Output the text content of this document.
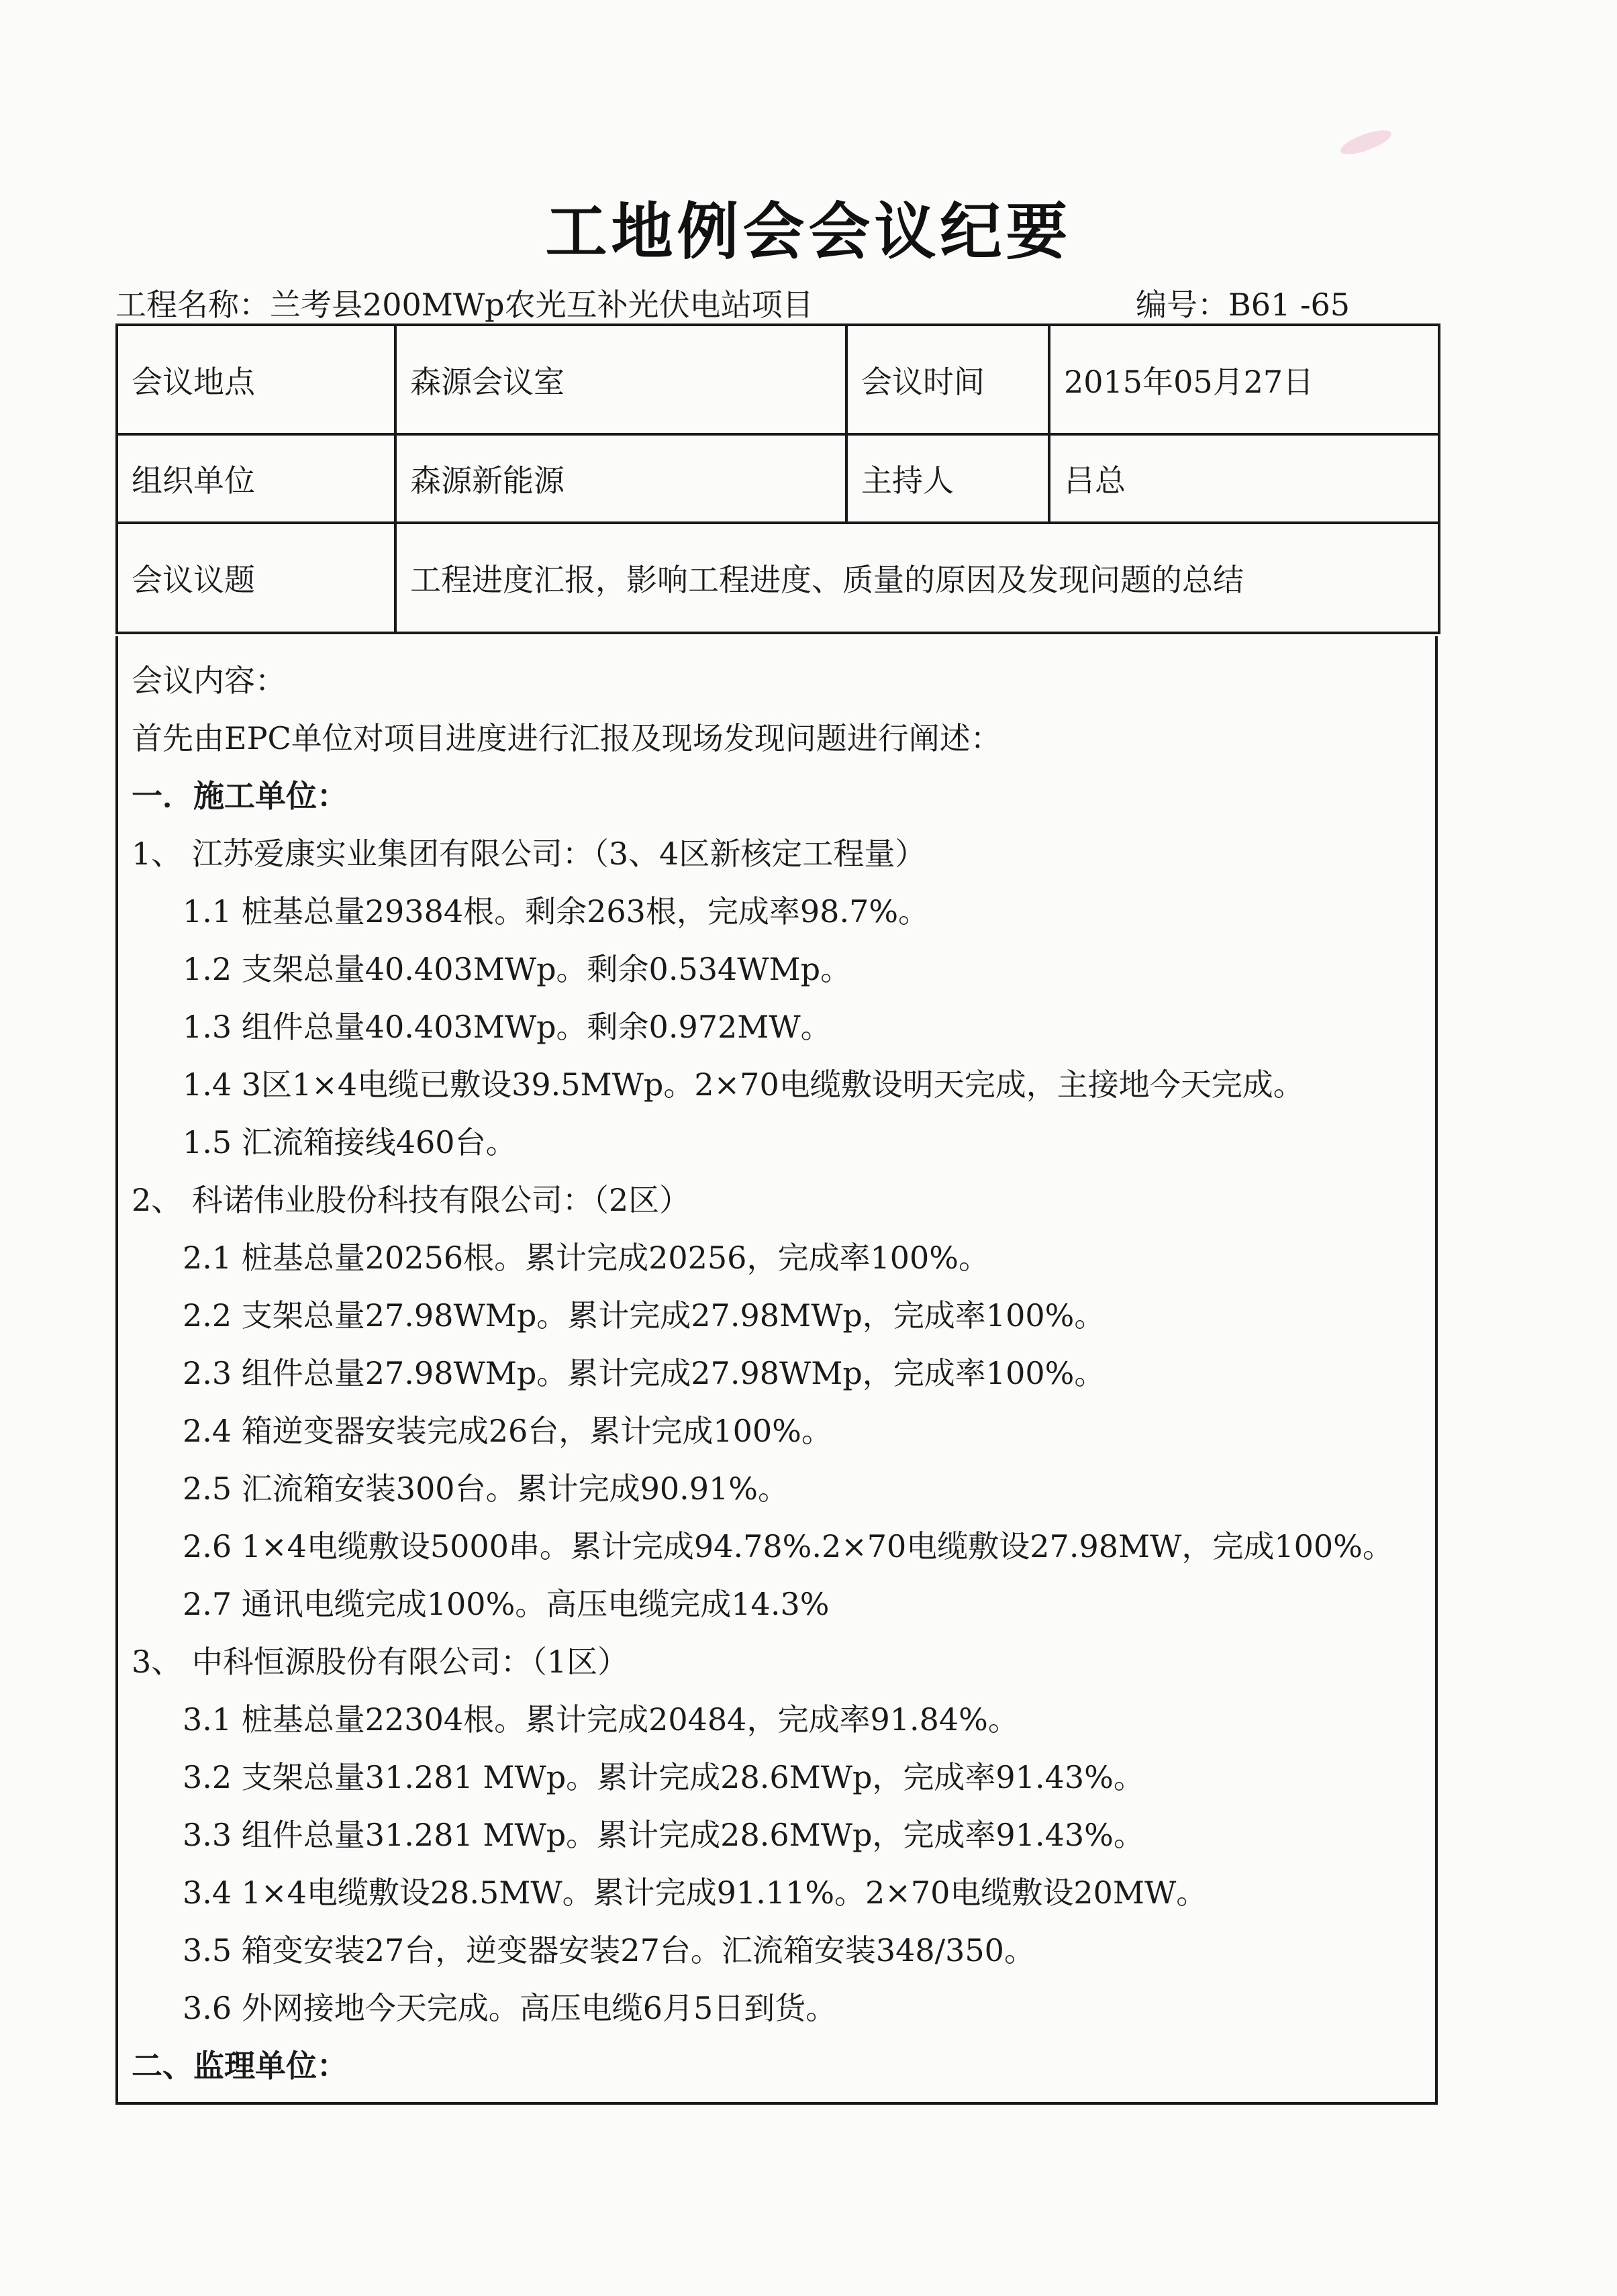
工地例会会议纪要
工程名称：兰考县200MWp农光互补光伏电站项目	编号：B61 -65
会议地点	森源会议室	会议时间	2015年05月27日
组织单位	森源新能源	主持人	吕总
会议议题	工程进度汇报，影响工程进度、质量的原因及发现问题的总结		
会议内容：
首先由EPC单位对项目进度进行汇报及现场发现问题进行阐述：
一．施工单位：
1、 江苏爱康实业集团有限公司：（3、4区新核定工程量）
1.1 桩基总量29384根。剩余263根，完成率98.7%。
1.2 支架总量40.403MWp。剩余0.534WMp。
1.3 组件总量40.403MWp。剩余0.972MW。
1.4 3区1×4电缆已敷设39.5MWp。2×70电缆敷设明天完成，主接地今天完成。
1.5 汇流箱接线460台。
2、 科诺伟业股份科技有限公司：（2区）
2.1 桩基总量20256根。累计完成20256，完成率100%。
2.2 支架总量27.98WMp。累计完成27.98MWp，完成率100%。
2.3 组件总量27.98WMp。累计完成27.98WMp，完成率100%。
2.4 箱逆变器安装完成26台，累计完成100%。
2.5 汇流箱安装300台。累计完成90.91%。
2.6 1×4电缆敷设5000串。累计完成94.78%.2×70电缆敷设27.98MW，完成100%。
2.7 通讯电缆完成100%。高压电缆完成14.3%
3、 中科恒源股份有限公司：（1区）
3.1 桩基总量22304根。累计完成20484，完成率91.84%。
3.2 支架总量31.281 MWp。累计完成28.6MWp，完成率91.43%。
3.3 组件总量31.281 MWp。累计完成28.6MWp，完成率91.43%。
3.4 1×4电缆敷设28.5MW。累计完成91.11%。2×70电缆敷设20MW。
3.5 箱变安装27台，逆变器安装27台。汇流箱安装348/350。
3.6 外网接地今天完成。高压电缆6月5日到货。
二、监理单位：
